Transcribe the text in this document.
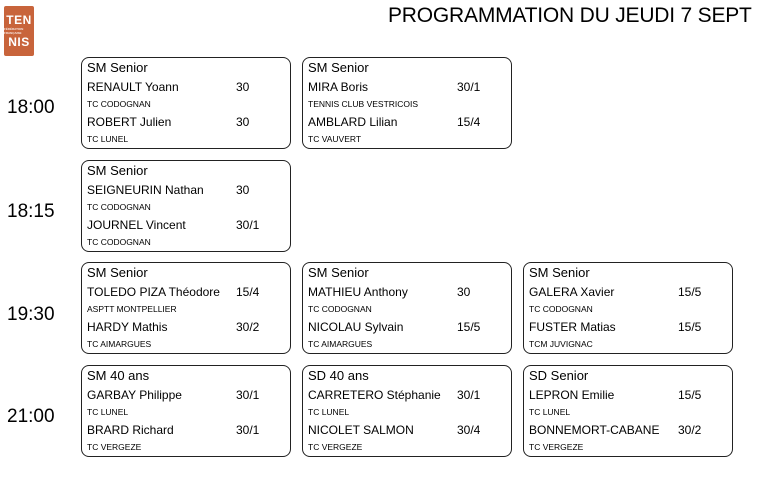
TEN
FÉDÉRATION FRANÇAISE
NIS
PROGRAMMATION DU JEUDI 7 SEPT
18:00
SM Senior
RENAULT Yoann	30
TC CODOGNAN
ROBERT Julien	30
TC LUNEL
SM Senior
MIRA Boris	30/1
TENNIS CLUB VESTRICOIS
AMBLARD Lilian	15/4
TC VAUVERT
18:15
SM Senior
SEIGNEURIN Nathan	30
TC CODOGNAN
JOURNEL Vincent	30/1
TC CODOGNAN
19:30
SM Senior
TOLEDO PIZA Théodore 15/4
ASPTT MONTPELLIER
HARDY Mathis	30/2
TC AIMARGUES
SM Senior
MATHIEU Anthony	30
TC CODOGNAN
NICOLAU Sylvain	15/5
TC AIMARGUES
SM Senior
GALERA Xavier	15/5
TC CODOGNAN
FUSTER Matias	15/5
TCM JUVIGNAC
21:00
SM 40 ans
GARBAY Philippe	30/1
TC LUNEL
BRARD Richard	30/1
TC VERGEZE
SD 40 ans
CARRETERO Stéphanie 30/1
TC LUNEL
NICOLET SALMON	30/4
TC VERGEZE
SD Senior
LEPRON Emilie	15/5
TC LUNEL
BONNEMORT-CABANE 30/2
TC VERGEZE
